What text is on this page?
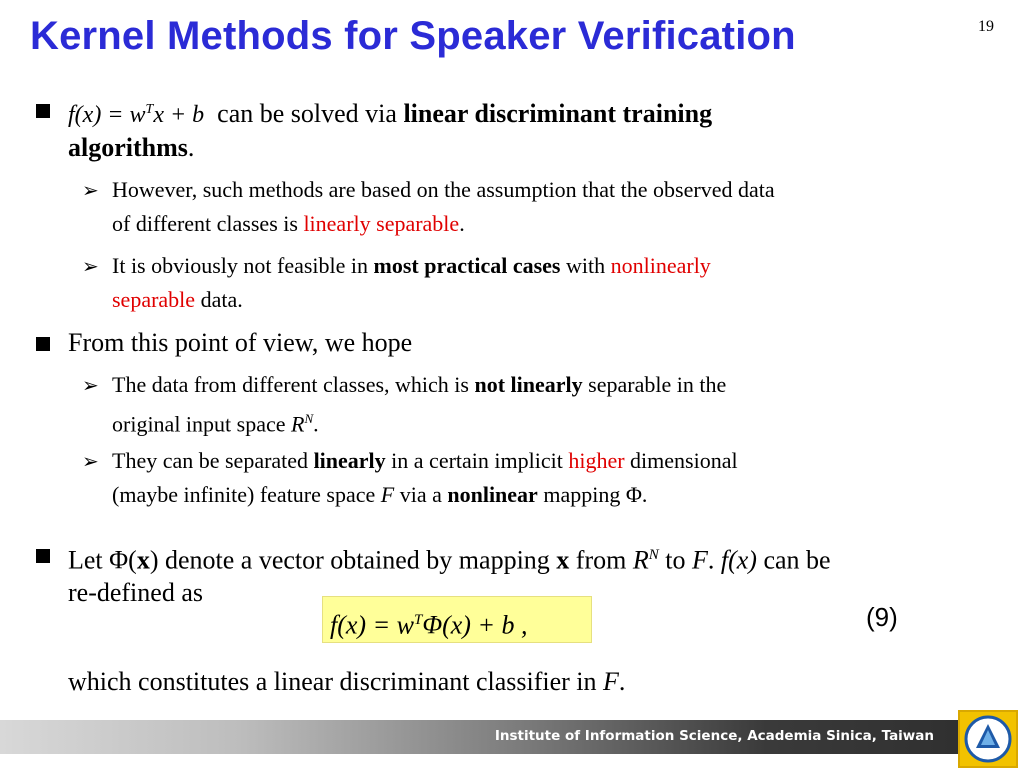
Kernel Methods for Speaker Verification	19
$f(x) = w^Tx + b$ can be solved via linear discriminant training
algorithms.
➢ However, such methods are based on the assumption that the observed data
of different classes is linearly separable.
➢ It is obviously not feasible in most practical cases with nonlinearly
separable data.
From this point of view, we hope
➢ The data from different classes, which is not linearly separable in the
original input space $R^N$.
➢ They can be separated linearly in a certain implicit higher dimensional
(maybe infinite) feature space F via a nonlinear mapping Φ.
Let Φ(x) denote a vector obtained by mapping x from $R^N$ to F. f(x) can be
re-defined as
$f(x) = w^T\Phi(x) + b$ ,	(9)
which constitutes a linear discriminant classifier in F.
Institute of Information Science, Academia Sinica, Taiwan
